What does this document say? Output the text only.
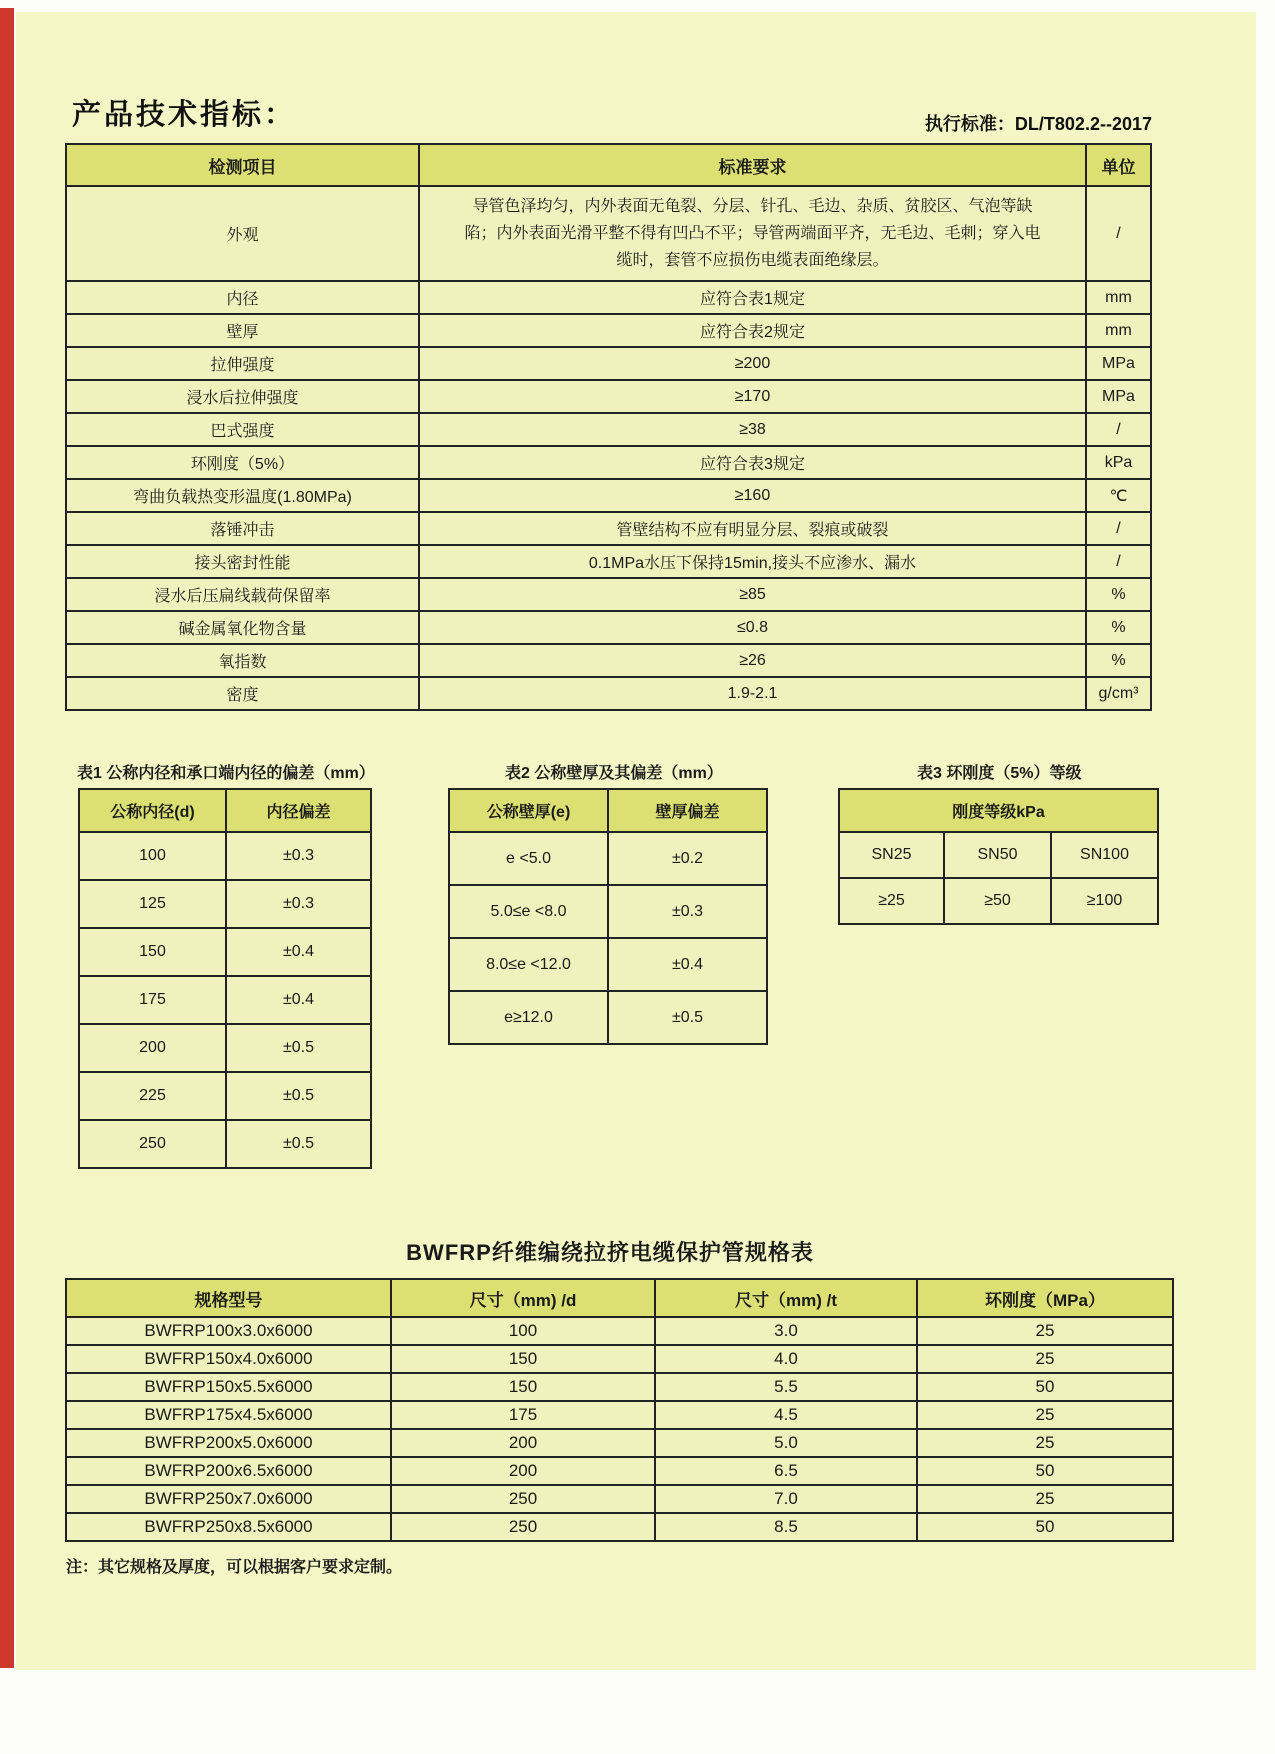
产品技术指标：	执行标准：DL/T802.2--2017
检测项目	标准要求	单位
外观	导管色泽均匀，内外表面无龟裂、分层、针孔、毛边、杂质、贫胶区、气泡等缺陷；内外表面光滑平整不得有凹凸不平；导管两端面平齐，无毛边、毛刺；穿入电缆时，套管不应损伤电缆表面绝缘层。	/
内径	应符合表1规定	mm
壁厚	应符合表2规定	mm
拉伸强度	≥200	MPa
浸水后拉伸强度	≥170	MPa
巴式强度	≥38	/
环刚度（5%）	应符合表3规定	kPa
弯曲负载热变形温度(1.80MPa)	≥160	℃
落锤冲击	管壁结构不应有明显分层、裂痕或破裂	/
接头密封性能	0.1MPa水压下保持15min,接头不应渗水、漏水	/
浸水后压扁线载荷保留率	≥85	%
碱金属氧化物含量	≤0.8	%
氧指数	≥26	%
密度	1.9-2.1	g/cm³
表1 公称内径和承口端内径的偏差（mm）
公称内径(d)	内径偏差
100	±0.3
125	±0.3
150	±0.4
175	±0.4
200	±0.5
225	±0.5
250	±0.5
表2 公称壁厚及其偏差（mm）
公称壁厚(e)	壁厚偏差
e <5.0	±0.2
5.0≤e <8.0	±0.3
8.0≤e <12.0	±0.4
e≥12.0	±0.5
表3 环刚度（5%）等级
刚度等级kPa		
SN25	SN50	SN100
≥25	≥50	≥100
BWFRP纤维编绕拉挤电缆保护管规格表
规格型号	尺寸（mm) /d	尺寸（mm) /t	环刚度（MPa）
BWFRP100x3.0x6000	100	3.0	25
BWFRP150x4.0x6000	150	4.0	25
BWFRP150x5.5x6000	150	5.5	50
BWFRP175x4.5x6000	175	4.5	25
BWFRP200x5.0x6000	200	5.0	25
BWFRP200x6.5x6000	200	6.5	50
BWFRP250x7.0x6000	250	7.0	25
BWFRP250x8.5x6000	250	8.5	50
注：其它规格及厚度，可以根据客户要求定制。
